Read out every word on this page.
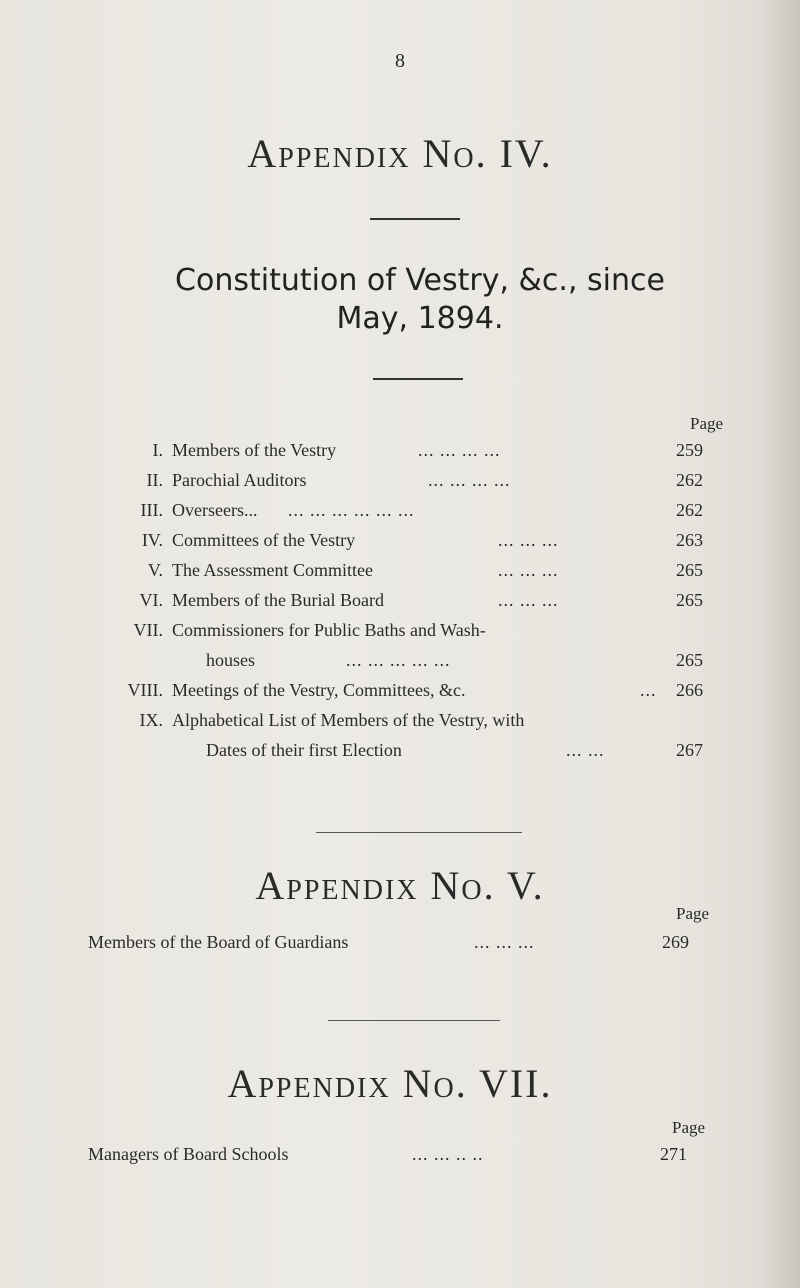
8
Appendix No. IV.
Constitution of Vestry, &c., since
May, 1894.
Page
I. Members of the Vestry	... ... ... ...	259
II. Parochial Auditors	... ... ... ...	262
III. Overseers... ... ... ... ... ... ...	262
IV. Committees of the Vestry	... ... ...	263
V. The Assessment Committee	... ... ...	265
VI. Members of the Burial Board	... ... ...	265
VII. Commissioners for Public Baths and Wash-
houses	... ... ... ... ...	265
VIII. Meetings of the Vestry, Committees, &c.	... 266
IX. Alphabetical List of Members of the Vestry, with
Dates of their first Election	... ...	267
Appendix No. V.
Page
Members of the Board of Guardians	... ... ...	269
Appendix No. VII.
Page
Managers of Board Schools	... ... .. ..	271
